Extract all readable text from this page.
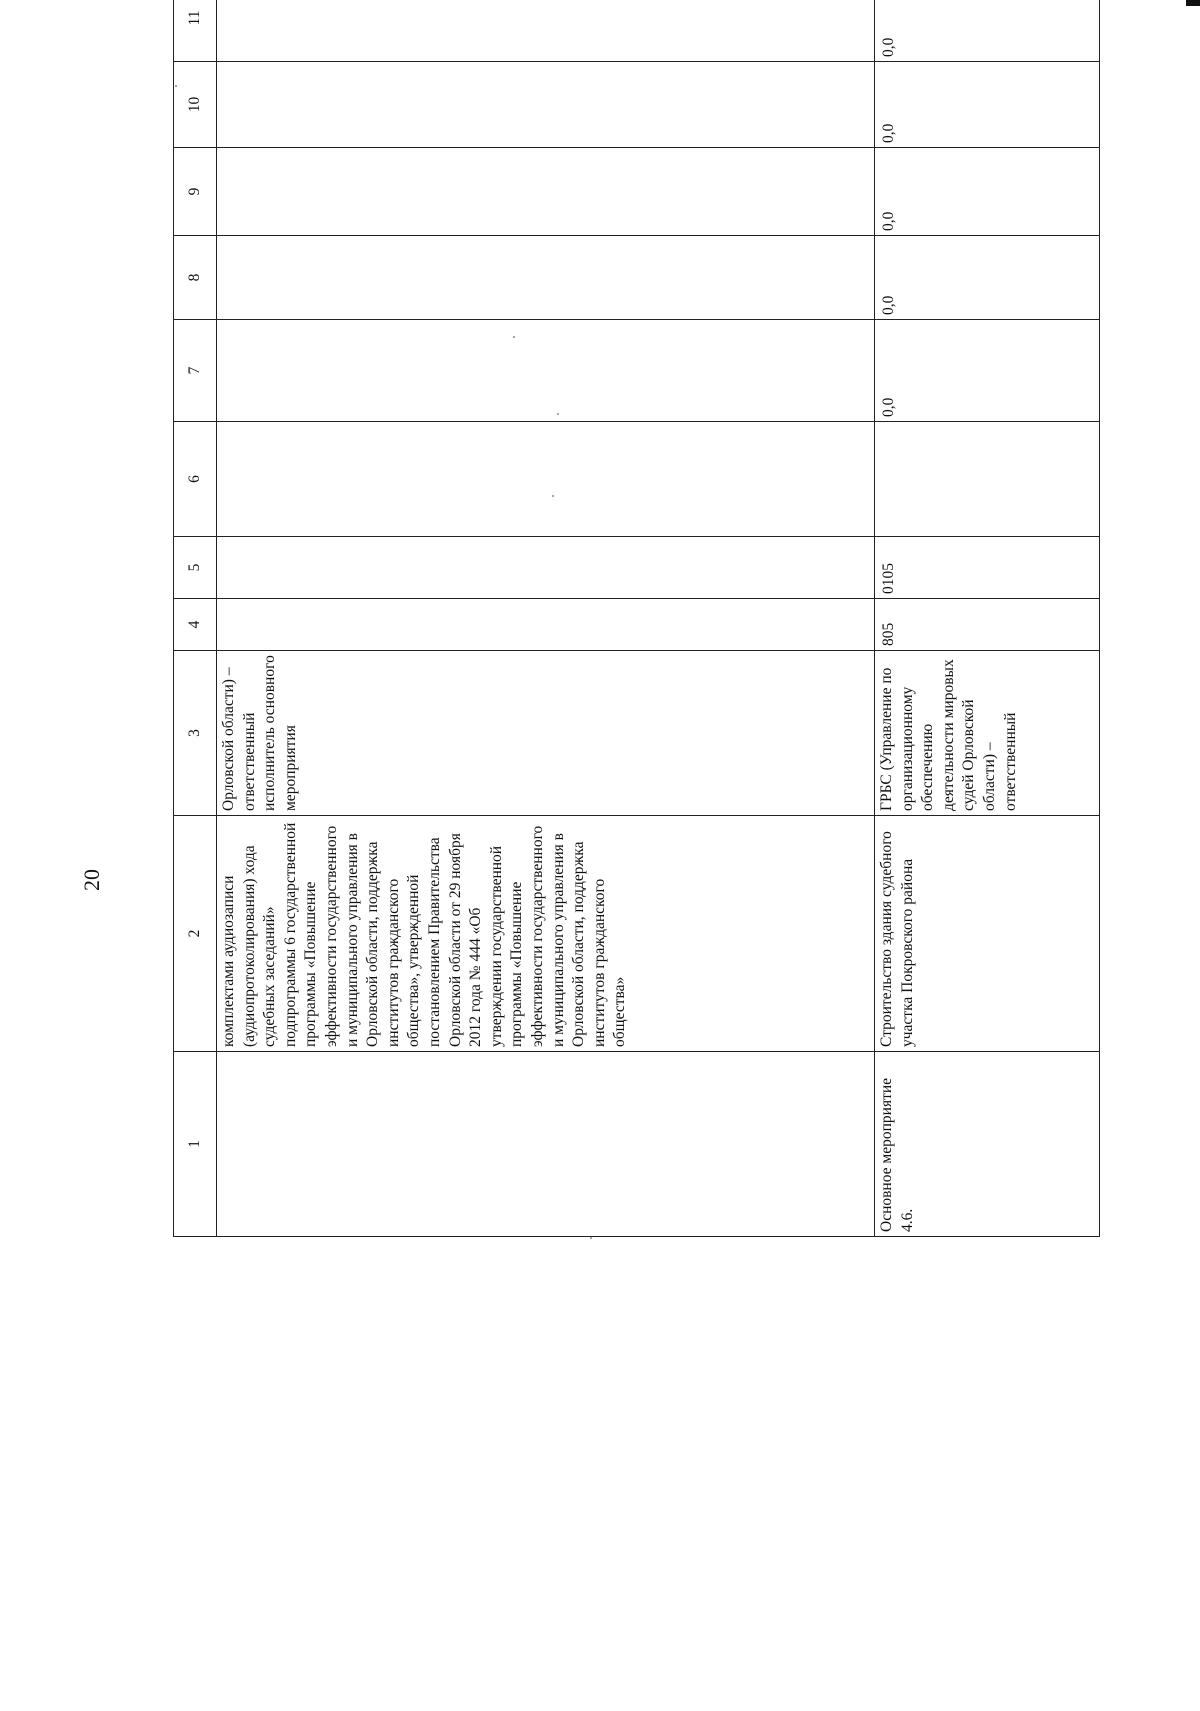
20
1	2	3	4	5	6	7	8	9	10	11		
	комплектами аудиозаписи (аудиопротоколирования) хода судебных заседаний» подпрограммы 6 государственной программы «Повышение эффективности государственного и муниципального управления в Орловской области, поддержка институтов гражданского общества», утвержденной постановлением Правительства Орловской области от 29 ноября 2012 года № 444 «Об утверждении государственной программы «Повышение эффективности государственного и муниципального управления в Орловской области, поддержка институтов гражданского общества»	Орловской области) – ответственный исполнитель основного мероприятия										
Основное мероприятие 4.6.	Строительство здания судебного участка Покровского района	ГРБС (Управление по организационному обеспечению деятельности мировых судей Орловской области) – ответственный	805	0105		0,0	0,0	0,0	0,0	0,0		
